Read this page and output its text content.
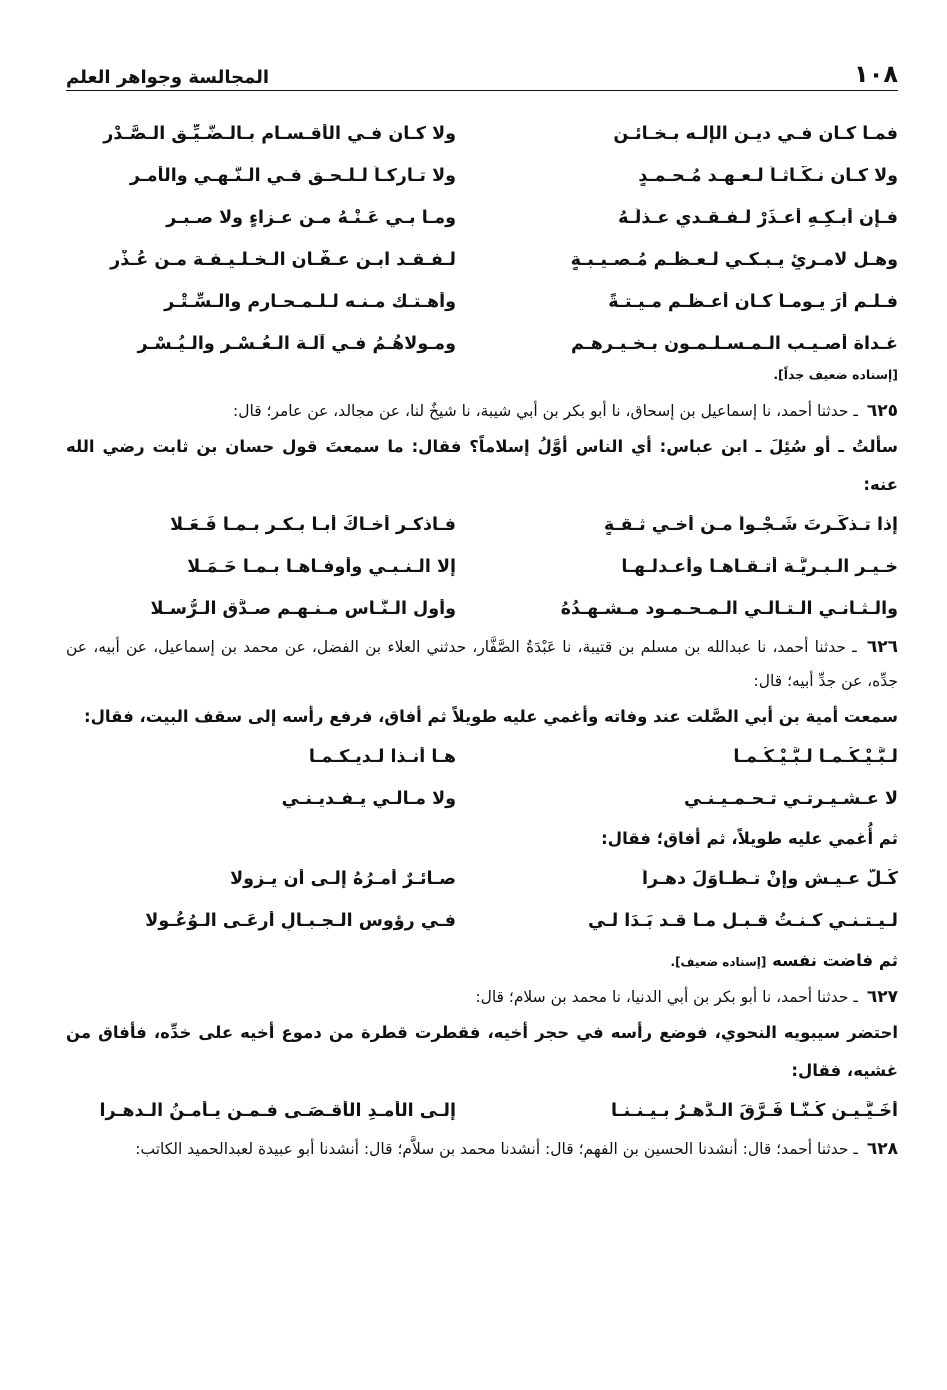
١٠٨
المجالسة وجواهر العلم
فمـا كـان فـي ديـن الإلـه بـخـائـنٍ
ولا كـان فـي الأقـسـام بـالـضَّـيِّـق الـصَّـدْرِ
ولا كـان نـكَّـاثـاً لـعـهـد مُـحـمـدٍ
ولا تـاركـاً لـلـحـق فـي الـنَّـهـي والأمـر
فـإن أبـكِـهِ أعـذَرْ لـفـقـدي عـذلَـهُ
ومـا بـي عَـنْـهُ مـن عـزاءٍ ولا صـبـر
وهـل لامـرئٍ يـبـكـي لـعـظـم مُـصـيـبـةٍ
لـفـقـد ابـن عـفَّـان الـخـلـيـفـة مـن عُـذْرِ
فـلـم أرَ يـومـاً كـان أعـظـم مـيـتـةً
وأهـتـك مـنـه لـلـمـحـارم والـسِّـتْـرِ
غـداة أصـيـب الـمـسـلـمـون بـخـيـرهـم
ومـولاهُـمُ فـي آلـة الـعُـسْـرِ والـيُـسْـرِ
[إسناده ضعيف جداً].

٦٢٥ ـ حدثنا أحمد، نا إسماعيل بن إسحاق، نا أبو بكر بن أبي شيبة، نا شيخٌ لنا، عن مجالد، عن عامر؛ قال:

سألتُ ـ أو سُئِلَ ـ ابن عباس: أي الناس أوَّلُ إسلاماً؟ فقال: ما سمعتَ قول حسان بن ثابت رضي الله عنه:

إذا تـذكَّـرتَ شَـجْـواً مـن أخـي ثـقـةٍ
فـاذكـر أخـاكَ أبـا بـكـر بـمـا فَـعَـلا
خـيـر الـبـريَّـة أتـقـاهـا وأعـدلـهـا
إلا الـنـبـي وأوفـاهـا بـمـا حَـمَـلا
والـثـانـي الـتـالـي الـمـحـمـود مـشـهـدُهُ
وأول الـنَّـاس مـنـهـم صـدَّق الـرُّسـلا

٦٢٦ ـ حدثنا أحمد، نا عبدالله بن مسلم بن قتيبة، نا عَبْدَةُ الصَّفَّار، حدثني العلاء بن الفضل، عن محمد بن إسماعيل، عن أبيه، عن جدِّه، عن جدِّ أبيه؛ قال:

سمعت أمية بن أبي الصَّلت عند وفاته وأغمي عليه طويلاً ثم أفاق، فرفع رأسه إلى سقف البيت، فقال:

لـبَّـيْـكُـمـا لـبَّـيْـكُـمـا
هـا أنـذا لـديـكـمـا
لا عـشـيـرتـي تـحـمـيـنـي
ولا مـالـي يـفـديـنـي
ثم أُغمي عليه طويلاً، ثم أفاق؛ فقال:
كُـلُّ عـيـشٍ وإنْ تـطـاوَلَ دهـراً
صـائـرٌ أمـرُهُ إلـى أن يـزولا
لـيـتـنـي كـنـتُ قـبـل مـا قـد بَـدَا لـي
فـي رؤوس الـجـبـالِ أرعَـى الـوُعُـولا
ثم فاضت نفسه [إسناده ضعيف].

٦٢٧ ـ حدثنا أحمد، نا أبو بكر بن أبي الدنيا، نا محمد بن سلام؛ قال:

احتضر سيبويه النحوي، فوضع رأسه في حجر أخيه، فقطرت قطرة من دموع أخيه على خدِّه، فأفاق من غشيه، فقال:

أُخَـيَّـيـنِ كُـنَّـا فَـرَّقَ الـدَّهـرُ بـيـنـنـا
إلـى الأمـدِ الأقـصَـى فـمـن يـأمـنُ الـدهـرا

٦٢٨ ـ حدثنا أحمد؛ قال: أنشدنا الحسين بن الفهم؛ قال: أنشدنا محمد بن سلاَّم؛ قال: أنشدنا أبو عبيدة لعبدالحميد الكاتب:
